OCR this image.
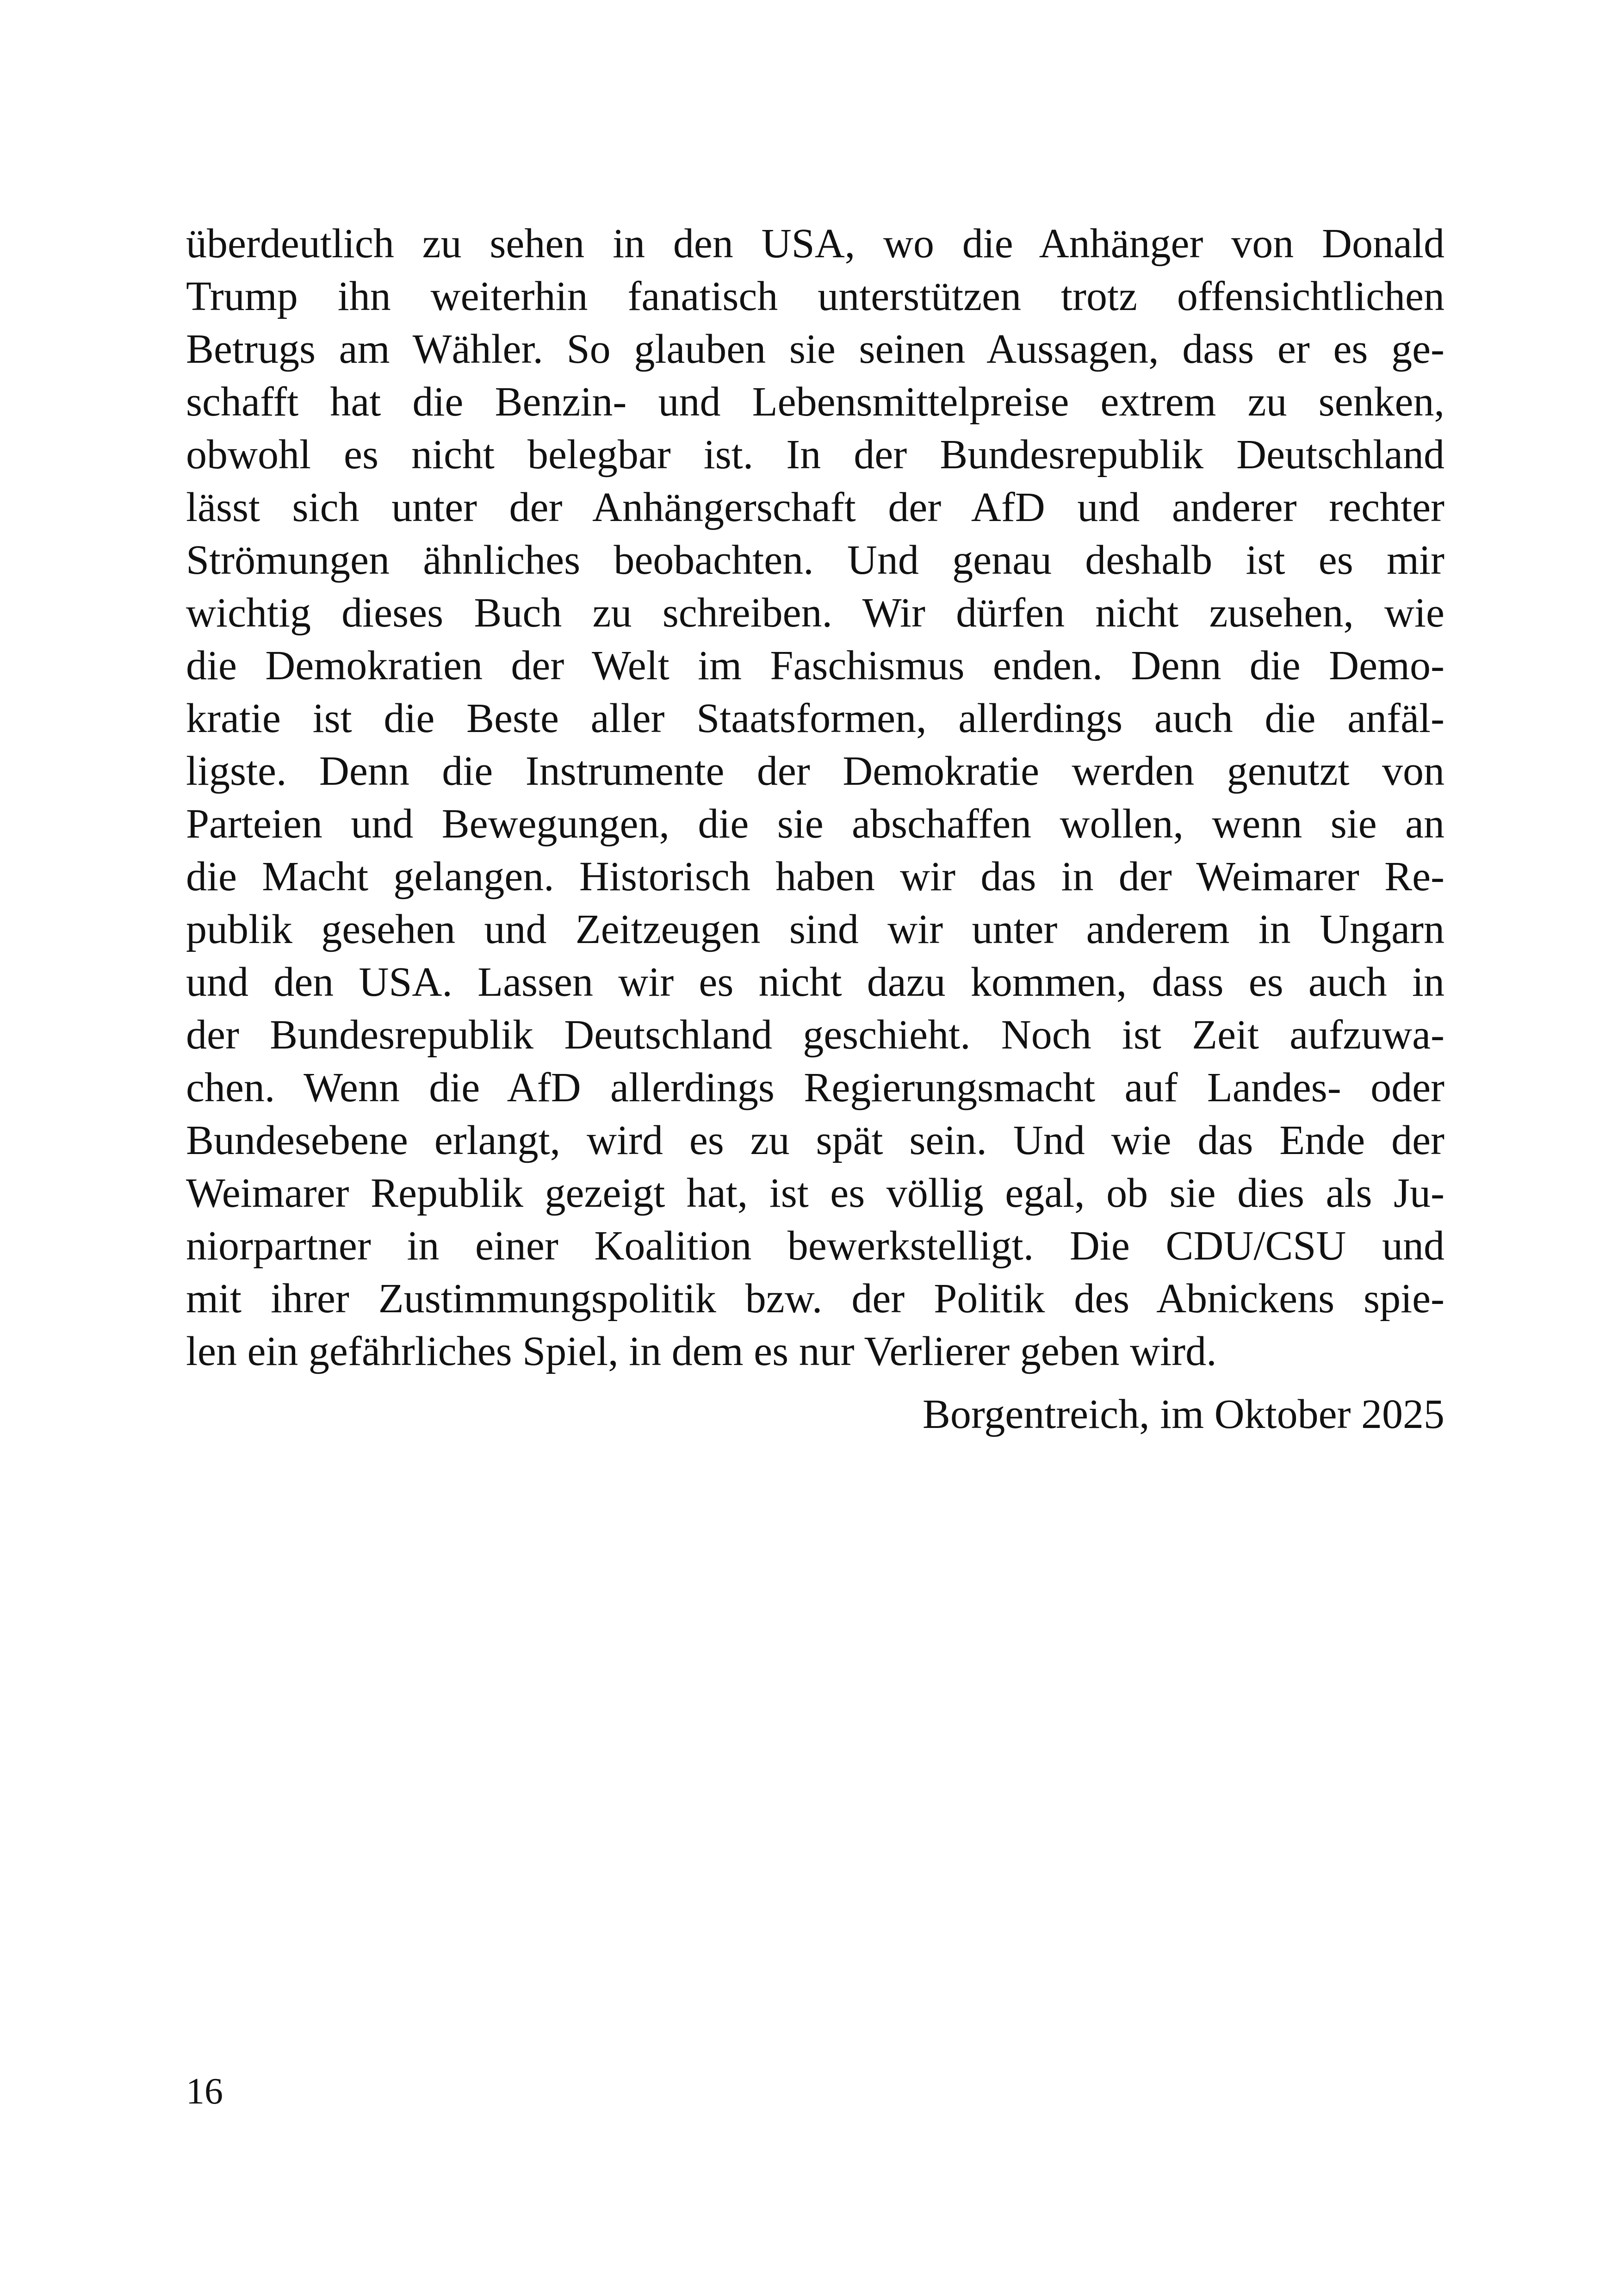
überdeutlich zu sehen in den USA, wo die Anhänger von Donald
Trump ihn weiterhin fanatisch unterstützen trotz offensichtlichen
Betrugs am Wähler. So glauben sie seinen Aussagen, dass er es ge-
schafft hat die Benzin- und Lebensmittelpreise extrem zu senken,
obwohl es nicht belegbar ist. In der Bundesrepublik Deutschland
lässt sich unter der Anhängerschaft der AfD und anderer rechter
Strömungen ähnliches beobachten. Und genau deshalb ist es mir
wichtig dieses Buch zu schreiben. Wir dürfen nicht zusehen, wie
die Demokratien der Welt im Faschismus enden. Denn die Demo-
kratie ist die Beste aller Staatsformen, allerdings auch die anfäl-
ligste. Denn die Instrumente der Demokratie werden genutzt von
Parteien und Bewegungen, die sie abschaffen wollen, wenn sie an
die Macht gelangen. Historisch haben wir das in der Weimarer Re-
publik gesehen und Zeitzeugen sind wir unter anderem in Ungarn
und den USA. Lassen wir es nicht dazu kommen, dass es auch in
der Bundesrepublik Deutschland geschieht. Noch ist Zeit aufzuwa-
chen. Wenn die AfD allerdings Regierungsmacht auf Landes- oder
Bundesebene erlangt, wird es zu spät sein. Und wie das Ende der
Weimarer Republik gezeigt hat, ist es völlig egal, ob sie dies als Ju-
niorpartner in einer Koalition bewerkstelligt. Die CDU/CSU und
mit ihrer Zustimmungspolitik bzw. der Politik des Abnickens spie-
len ein gefährliches Spiel, in dem es nur Verlierer geben wird.
Borgentreich, im Oktober 2025
16
